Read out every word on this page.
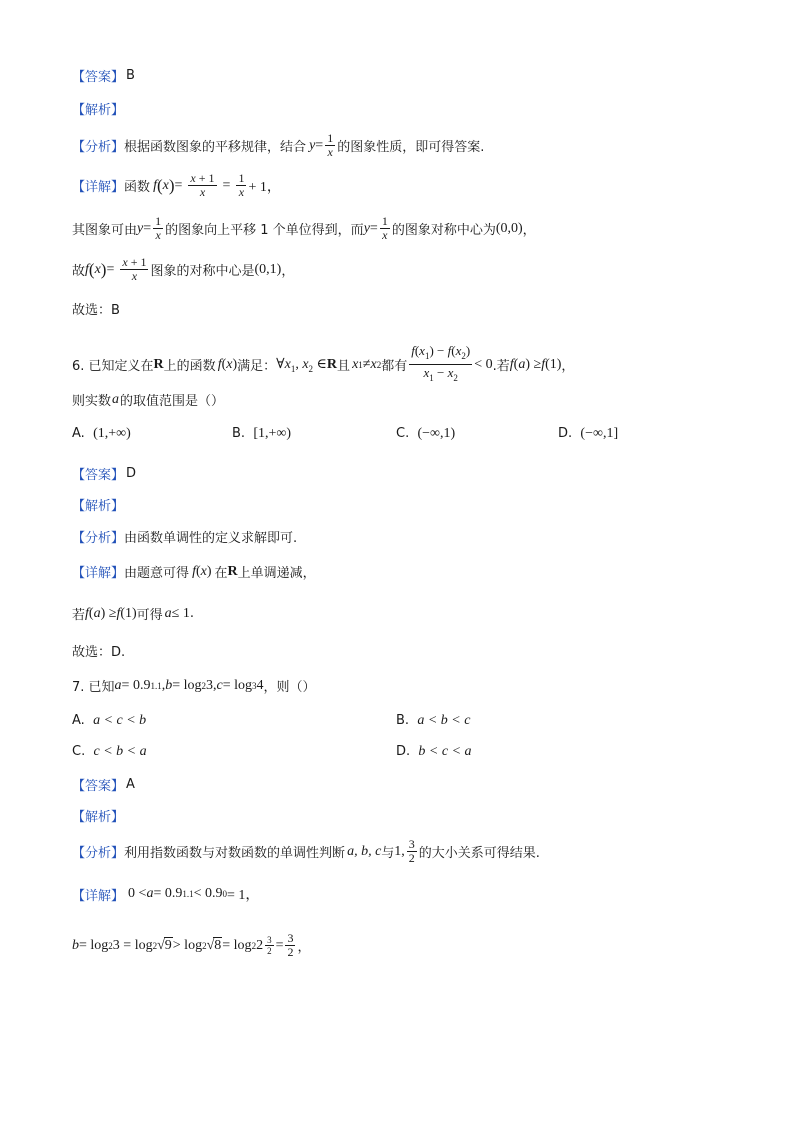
【答案】 B
【解析】
【分析】 根据函数图象的平移规律，结合 $y = \frac{1}{x}$ 的图象性质，即可得答案.
【详解】 函数 f ( x ) = $\frac{x + 1}{x} = \frac{1}{x} + 1$，
其图象可由 $y = \frac{1}{x}$ 的图象向上平移 1 个单位得到，而 $y = \frac{1}{x}$ 的图象对称中心为 (0,0) ，
故 f ( x ) = $\frac{x + 1}{x}$ 图象的对称中心是 (0,1) ，
故选：B
6. 已知定义在 R 上的函数 f ( x ) 满足： $\forall x_1$, $x_2$ ∈ R 且 x 1 ≠ x 2 都有 $\frac{f(x_1) - f(x_2)}{x_1 - x_2} < 0$ .若 f (a) ≥ f (1) ，
则实数 a 的取值范围是（）
A. (1,+∞)	B. [1,+∞)	C. (−∞,1)	D. (−∞,1]
【答案】 D
【解析】
【分析】 由函数单调性的定义求解即可.
【详解】 由题意可得 f (x) 在 R 上单调递减，
若 f (a) ≥ f (1) 可得 a ≤ 1 .
故选：D.
7. 已知 a = 0.9 1.1 , b = log 2 3, c = log 3 4 ，则（）
A. a < c < b	B. a < b < c
C. c < b < a	D. b < c < a
【答案】 A
【解析】
【分析】 利用指数函数与对数函数的单调性判断 a, b, c 与 1, $\frac{3}{2}$ 的大小关系可得结果.
【详解】 0 < a = 0.9 1.1 < 0.9 0 = 1，
b = log 2 3 = log 2 √ 9 > log 2 √ 8 = log 2 $2 \frac{3}{2} = \frac{3}{2}$ ，
